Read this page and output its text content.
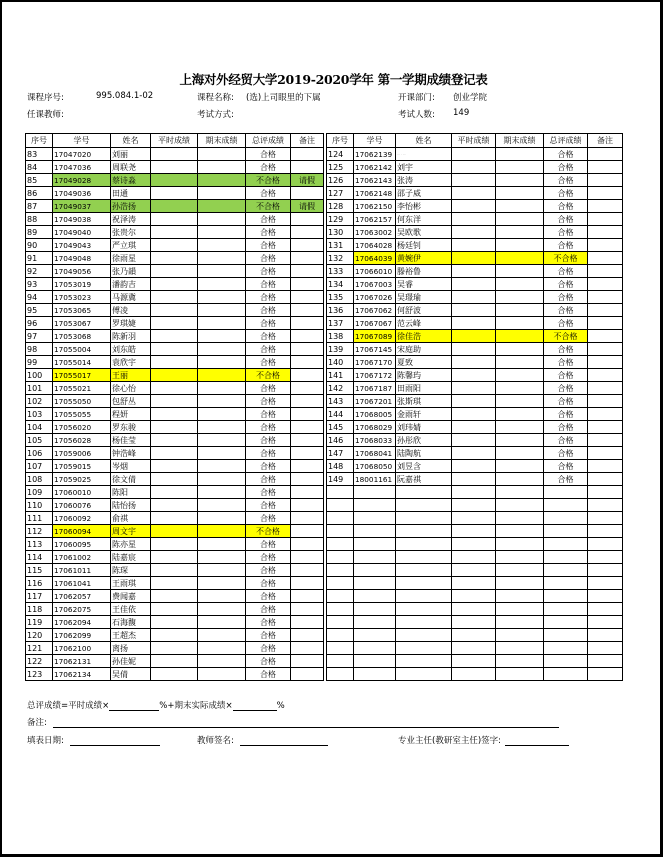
上海对外经贸大学2019-2020学年 第一学期成绩登记表
课程序号:	995.084.1-02	课程名称: (选)上司眼里的下属	开课部门: 创业学院
任课教师:	考试方式:	考试人数: 149
序号	学号	姓名	平时成绩	期末成绩	总评成绩	备注
83	17047020	刘丽			合格	
84	17047036	周联尧			合格	
85	17049028	蔡诗淼			不合格	请假
86	17049036	田通			合格	
87	17049037	孙浩扬			不合格	请假
88	17049038	祝泽涛			合格	
89	17049040	张贵尔			合格	
90	17049043	严立琪			合格	
91	17049048	徐雨星			合格	
92	17049056	张乃韻			合格	
93	17053019	潘韵吉			合格	
94	17053023	马源冀			合格	
95	17053065	傅凌			合格	
96	17053067	罗琪婕			合格	
97	17053068	陈新羽			合格	
98	17055004	刘东皓			合格	
99	17055014	袁欣宇			合格	
100	17055017	王丽			不合格	
101	17055021	徐心怡			合格	
102	17055050	包舒丛			合格	
103	17055055	程妍			合格	
104	17056020	罗东骏			合格	
105	17056028	杨佳莹			合格	
106	17059006	钟浩峰			合格	
107	17059015	岑烟			合格	
108	17059025	徐文倩			合格	
109	17060010	陈阳			合格	
110	17060076	陆怡扬			合格	
111	17060092	俞祺			合格	
112	17060094	周文宇			不合格	
113	17060095	陈亦星			合格	
114	17061002	陆嘉宸			合格	
115	17061011	陈琛			合格	
116	17061041	王雨琪			合格	
117	17062057	费闻嘉			合格	
118	17062075	王佳依			合格	
119	17062094	石海馥			合格	
120	17062099	王超杰			合格	
121	17062100	离扬			合格	
122	17062131	孙佳妮			合格	
123	17062134	吴倩			合格	
序号	学号	姓名	平时成绩	期末成绩	总评成绩	备注
124	17062139	··· · ···			合格	
125	17062142	刘宇			合格	
126	17062143	张涛			合格	
127	17062148	邵子威			合格	
128	17062150	李怡彬			合格	
129	17062157	何东洋			合格	
130	17063002	吴欧歌			合格	
131	17064028	杨廷钊			合格	
132	17064039	黄婉伊			不合格	
133	17066010	滕裕鲁			合格	
134	17067003	吴睿			合格	
135	17067026	吴璟瑜			合格	
136	17067062	何舒波			合格	
137	17067067	范云峰			合格	
138	17067089	徐佳浩			不合格	
139	17067145	宋庭助			合格	
140	17067170	夏致			合格	
141	17067172	陈馨玙			合格	
142	17067187	田雨阳			合格	
143	17067201	张斯琪			合格	
144	17068005	金雨轩			合格	
145	17068029	刘玮婧			合格	
146	17068033	孙彤欣			合格	
147	17068041	陆陶航			合格	
148	17068050	刘昱含			合格	
149	18001161	阮嘉祺			合格	

总评成绩=平时成绩×	%+期末实际成绩×	%
备注:
填表日期:	教师签名:	专业主任(教研室主任)签字:
